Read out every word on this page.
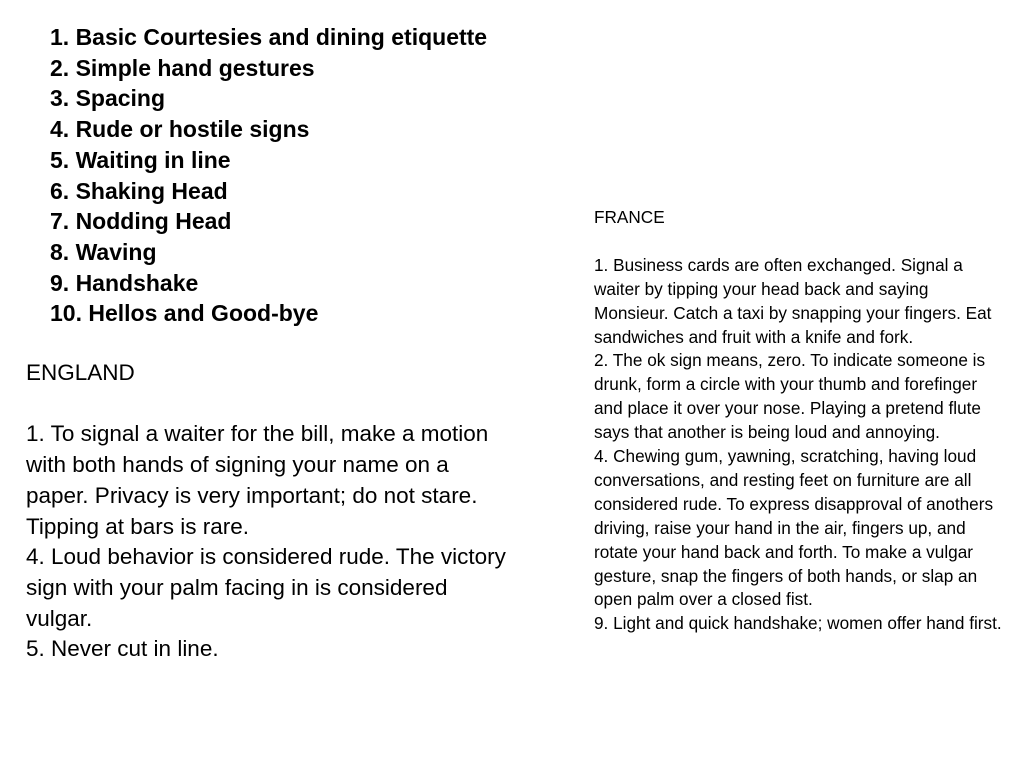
1. Basic Courtesies and dining etiquette
2. Simple hand gestures
3. Spacing
4. Rude or hostile signs
5. Waiting in line
6. Shaking Head
7. Nodding Head
8. Waving
9. Handshake
10. Hellos and Good-bye

ENGLAND

1. To signal a waiter for the bill, make a motion with both hands of signing your name on a paper. Privacy is very important; do not stare. Tipping at bars is rare.

4. Loud behavior is considered rude. The victory sign with your palm facing in is considered vulgar.

5. Never cut in line.

FRANCE

1. Business cards are often exchanged. Signal a waiter by tipping your head back and saying Monsieur. Catch a taxi by snapping your fingers. Eat sandwiches and fruit with a knife and fork.

2. The ok sign means, zero. To indicate someone is drunk, form a circle with your thumb and forefinger and place it over your nose. Playing a pretend flute says that another is being loud and annoying.

4. Chewing gum, yawning, scratching, having loud conversations, and resting feet on furniture are all considered rude. To express disapproval of anothers driving, raise your hand in the air, fingers up, and rotate your hand back and forth. To make a vulgar gesture, snap the fingers of both hands, or slap an open palm over a closed fist.

9. Light and quick handshake; women offer hand first.
